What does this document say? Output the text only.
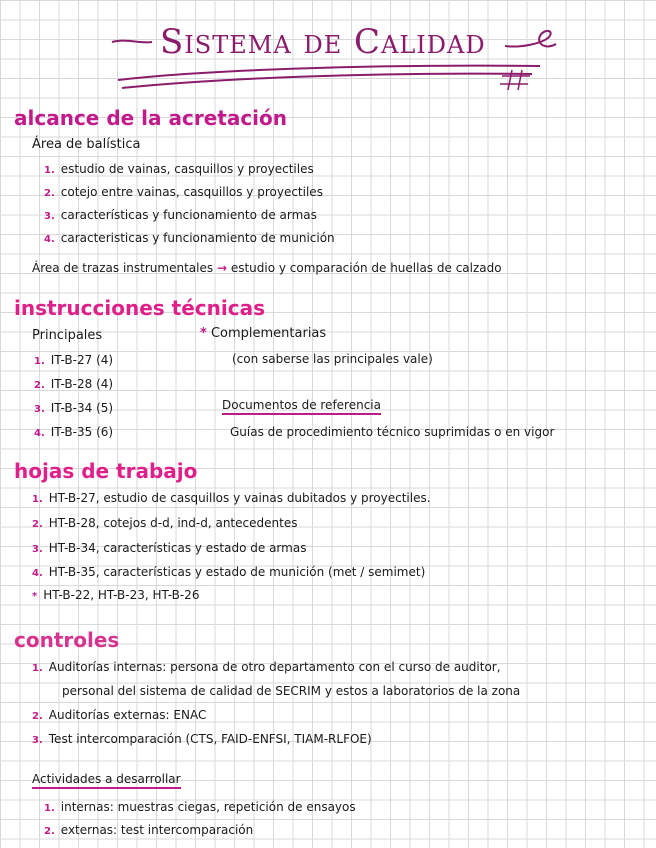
Sistema de Calidad
alcance de la acretación
Área de balística
1. estudio de vainas, casquillos y proyectiles
2. cotejo entre vainas, casquillos y proyectiles
3. características y funcionamiento de armas
4. caracteristicas y funcionamiento de munición
Área de trazas instrumentales → estudio y comparación de huellas de calzado
instrucciones técnicas
Principales
1. IT-B-27 (4)
2. IT-B-28 (4)
3. IT-B-34 (5)
4. IT-B-35 (6)
* Complementarias
(con saberse las principales vale)
Documentos de referencia
Guías de procedimiento técnico suprimidas o en vigor
hojas de trabajo
1. HT-B-27, estudio de casquillos y vainas dubitados y proyectiles.
2. HT-B-28, cotejos d-d, ind-d, antecedentes
3. HT-B-34, características y estado de armas
4. HT-B-35, características y estado de munición (met / semimet)
* HT-B-22, HT-B-23, HT-B-26
controles
1. Auditorías internas: persona de otro departamento con el curso de auditor,
personal del sistema de calidad de SECRIM y estos a laboratorios de la zona
2. Auditorías externas: ENAC
3. Test intercomparación (CTS, FAID-ENFSI, TIAM-RLFOE)
Actividades a desarrollar
1. internas: muestras ciegas, repetición de ensayos
2. externas: test intercomparación
